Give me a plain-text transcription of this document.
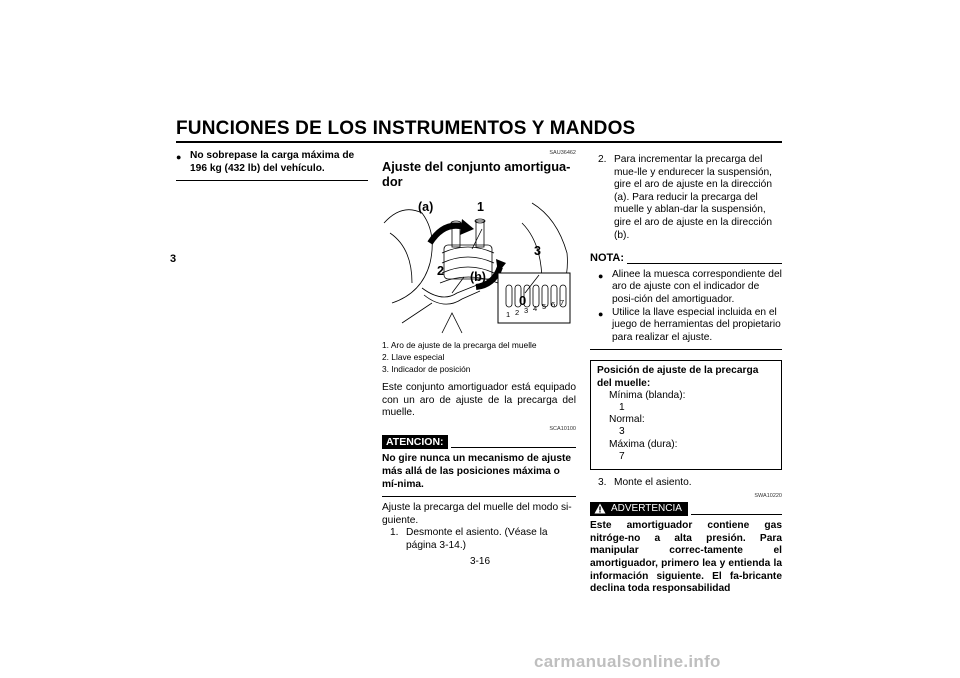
FUNCIONES DE LOS INSTRUMENTOS Y MANDOS
3
● No sobrepase la carga máxima de 196 kg (432 lb) del vehículo.
SAU36462
Ajuste del conjunto amortigua-dor
0
1 2 3 4 5 6 7
(a)	1
2
3
(b)
1. Aro de ajuste de la precarga del muelle
2. Llave especial
3. Indicador de posición
Este conjunto amortiguador está equipado con un aro de ajuste de la precarga del muelle.
SCA10100
ATENCION:
No gire nunca un mecanismo de ajuste más allá de las posiciones máxima o mí-nima.
Ajuste la precarga del muelle del modo si-guiente.
1. Desmonte el asiento. (Véase la página 3-14.)
2. Para incrementar la precarga del mue-lle y endurecer la suspensión, gire el aro de ajuste en la dirección (a). Para reducir la precarga del muelle y ablan-dar la suspensión, gire el aro de ajuste en la dirección (b).
NOTA:
● Alinee la muesca correspondiente del aro de ajuste con el indicador de posi-ción del amortiguador.
● Utilice la llave especial incluida en el juego de herramientas del propietario para realizar el ajuste.
Posición de ajuste de la precarga del muelle:
Mínima (blanda):
1
Normal:
3
Máxima (dura):
7
3. Monte el asiento.
SWA10220
ADVERTENCIA
Este amortiguador contiene gas nitróge-no a alta presión. Para manipular correc-tamente el amortiguador, primero lea y entienda la información siguiente. El fa-bricante declina toda responsabilidad
3-16
carmanualsonline.info
